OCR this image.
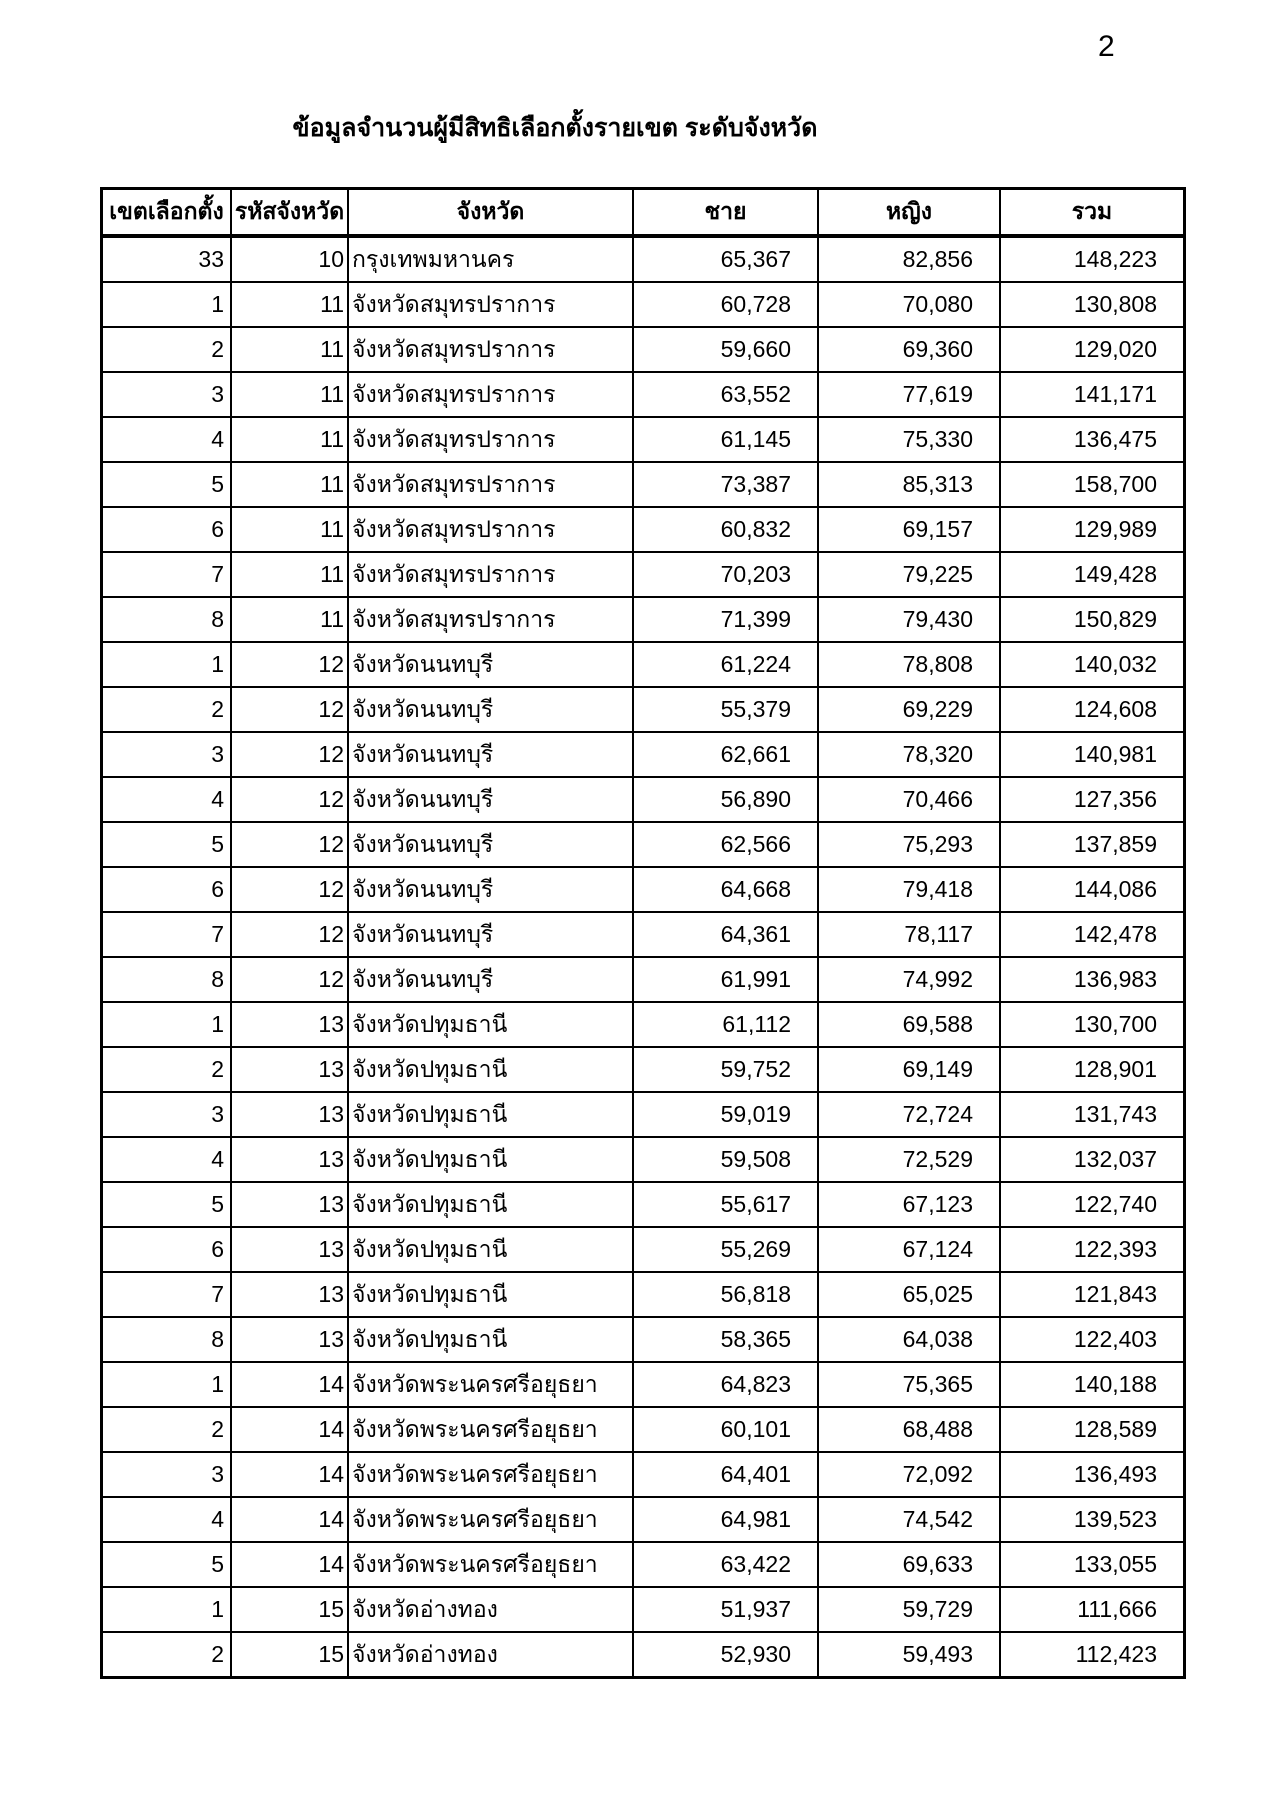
2
ข้อมูลจำนวนผู้มีสิทธิเลือกตั้งรายเขต ระดับจังหวัด
เขตเลือกตั้ง	รหัสจังหวัด	จังหวัด	ชาย	หญิง	รวม
33	10	กรุงเทพมหานคร	65,367	82,856	148,223
1	11	จังหวัดสมุทรปราการ	60,728	70,080	130,808
2	11	จังหวัดสมุทรปราการ	59,660	69,360	129,020
3	11	จังหวัดสมุทรปราการ	63,552	77,619	141,171
4	11	จังหวัดสมุทรปราการ	61,145	75,330	136,475
5	11	จังหวัดสมุทรปราการ	73,387	85,313	158,700
6	11	จังหวัดสมุทรปราการ	60,832	69,157	129,989
7	11	จังหวัดสมุทรปราการ	70,203	79,225	149,428
8	11	จังหวัดสมุทรปราการ	71,399	79,430	150,829
1	12	จังหวัดนนทบุรี	61,224	78,808	140,032
2	12	จังหวัดนนทบุรี	55,379	69,229	124,608
3	12	จังหวัดนนทบุรี	62,661	78,320	140,981
4	12	จังหวัดนนทบุรี	56,890	70,466	127,356
5	12	จังหวัดนนทบุรี	62,566	75,293	137,859
6	12	จังหวัดนนทบุรี	64,668	79,418	144,086
7	12	จังหวัดนนทบุรี	64,361	78,117	142,478
8	12	จังหวัดนนทบุรี	61,991	74,992	136,983
1	13	จังหวัดปทุมธานี	61,112	69,588	130,700
2	13	จังหวัดปทุมธานี	59,752	69,149	128,901
3	13	จังหวัดปทุมธานี	59,019	72,724	131,743
4	13	จังหวัดปทุมธานี	59,508	72,529	132,037
5	13	จังหวัดปทุมธานี	55,617	67,123	122,740
6	13	จังหวัดปทุมธานี	55,269	67,124	122,393
7	13	จังหวัดปทุมธานี	56,818	65,025	121,843
8	13	จังหวัดปทุมธานี	58,365	64,038	122,403
1	14	จังหวัดพระนครศรีอยุธยา	64,823	75,365	140,188
2	14	จังหวัดพระนครศรีอยุธยา	60,101	68,488	128,589
3	14	จังหวัดพระนครศรีอยุธยา	64,401	72,092	136,493
4	14	จังหวัดพระนครศรีอยุธยา	64,981	74,542	139,523
5	14	จังหวัดพระนครศรีอยุธยา	63,422	69,633	133,055
1	15	จังหวัดอ่างทอง	51,937	59,729	111,666
2	15	จังหวัดอ่างทอง	52,930	59,493	112,423
